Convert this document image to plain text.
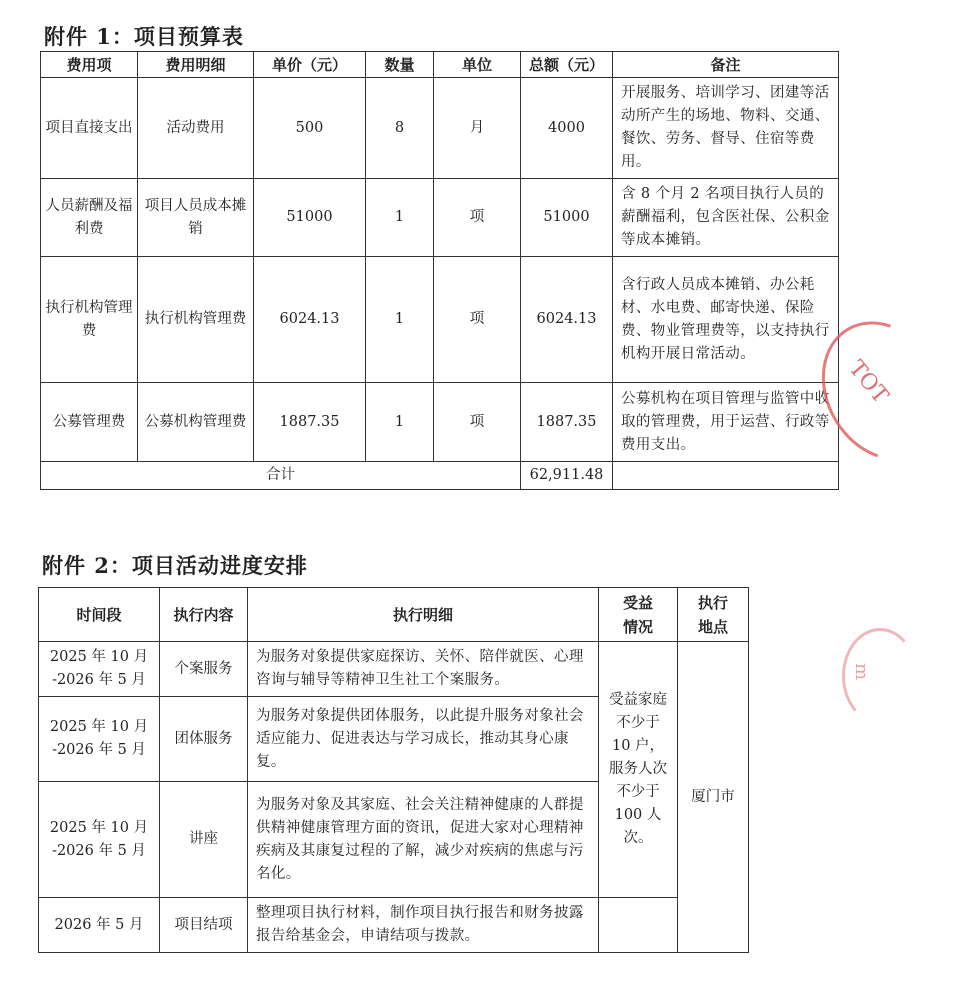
附件 1：项目预算表
费用项	费用明细	单价（元）	数量	单位	总额（元）	备注
项目直接支出	活动费用	500	8	月	4000	开展服务、培训学习、团建等活动所产生的场地、物料、交通、餐饮、劳务、督导、住宿等费用。
人员薪酬及福利费	项目人员成本摊销	51000	1	项	51000	含 8 个月 2 名项目执行人员的薪酬福利，包含医社保、公积金等成本摊销。
执行机构管理费	执行机构管理费	6024.13	1	项	6024.13	含行政人员成本摊销、办公耗材、水电费、邮寄快递、保险费、物业管理费等，以支持执行机构开展日常活动。
公募管理费	公募机构管理费	1887.35	1	项	1887.35	公募机构在项目管理与监管中收取的管理费，用于运营、行政等费用支出。
合计					62,911.48	
附件 2：项目活动进度安排
时间段	执行内容	执行明细	受益情况	执行地点
2025 年 10 月 -2026 年 5 月	个案服务	为服务对象提供家庭探访、关怀、陪伴就医、心理咨询与辅导等精神卫生社工个案服务。	受益家庭不少于 10 户，服务人次不少于 100 人次。	厦门市
2025 年 10 月 -2026 年 5 月	团体服务	为服务对象提供团体服务，以此提升服务对象社会适应能力、促进表达与学习成长，推动其身心康复。		
2025 年 10 月 -2026 年 5 月	讲座	为服务对象及其家庭、社会关注精神健康的人群提供精神健康管理方面的资讯，促进大家对心理精神疾病及其康复过程的了解，减少对疾病的焦虑与污名化。		
2026 年 5 月	项目结项	整理项目执行材料，制作项目执行报告和财务披露报告给基金会，申请结项与拨款。		
TOT
m
